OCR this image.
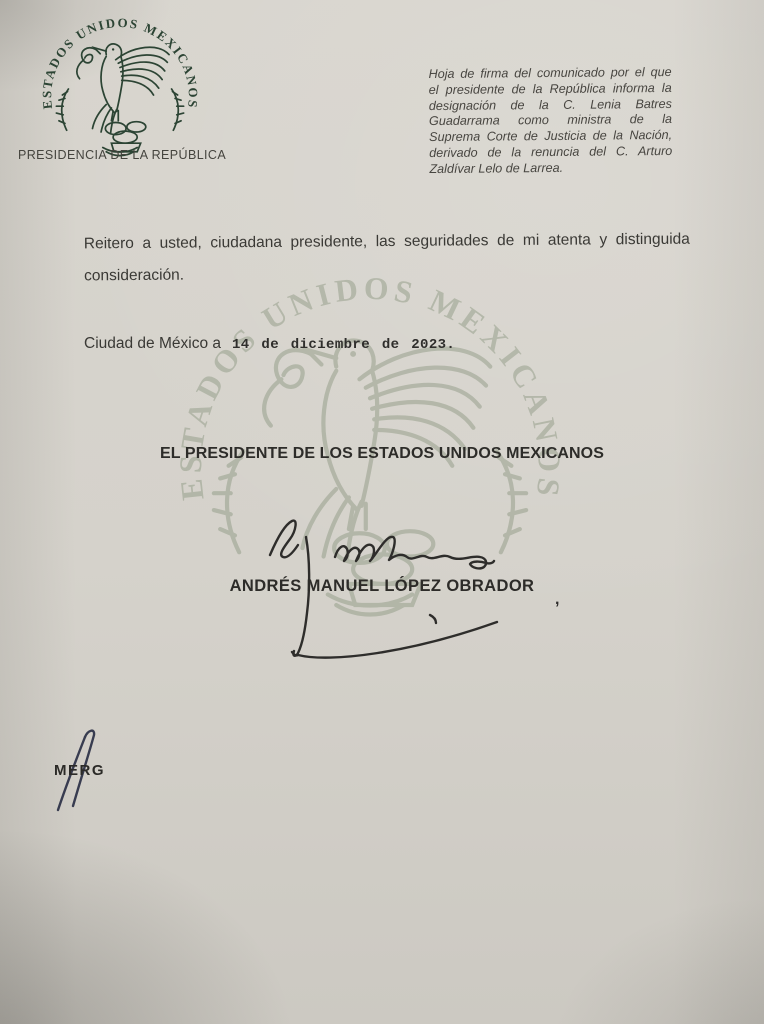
PRESIDENCIA DE LA REPÚBLICA
Hoja de firma del comunicado por el que
el presidente de la República informa la
designación de la C. Lenia Batres
Guadarrama como ministra de la
Suprema Corte de Justicia de la Nación,
derivado de la renuncia del C. Arturo
Zaldívar Lelo de Larrea.
Reitero a usted, ciudadana presidente, las seguridades de mi atenta y distinguida
consideración.
Ciudad de México a 14 de diciembre de 2023.
EL PRESIDENTE DE LOS ESTADOS UNIDOS MEXICANOS
ANDRÉS MANUEL LÓPEZ OBRADOR
,
MERG
